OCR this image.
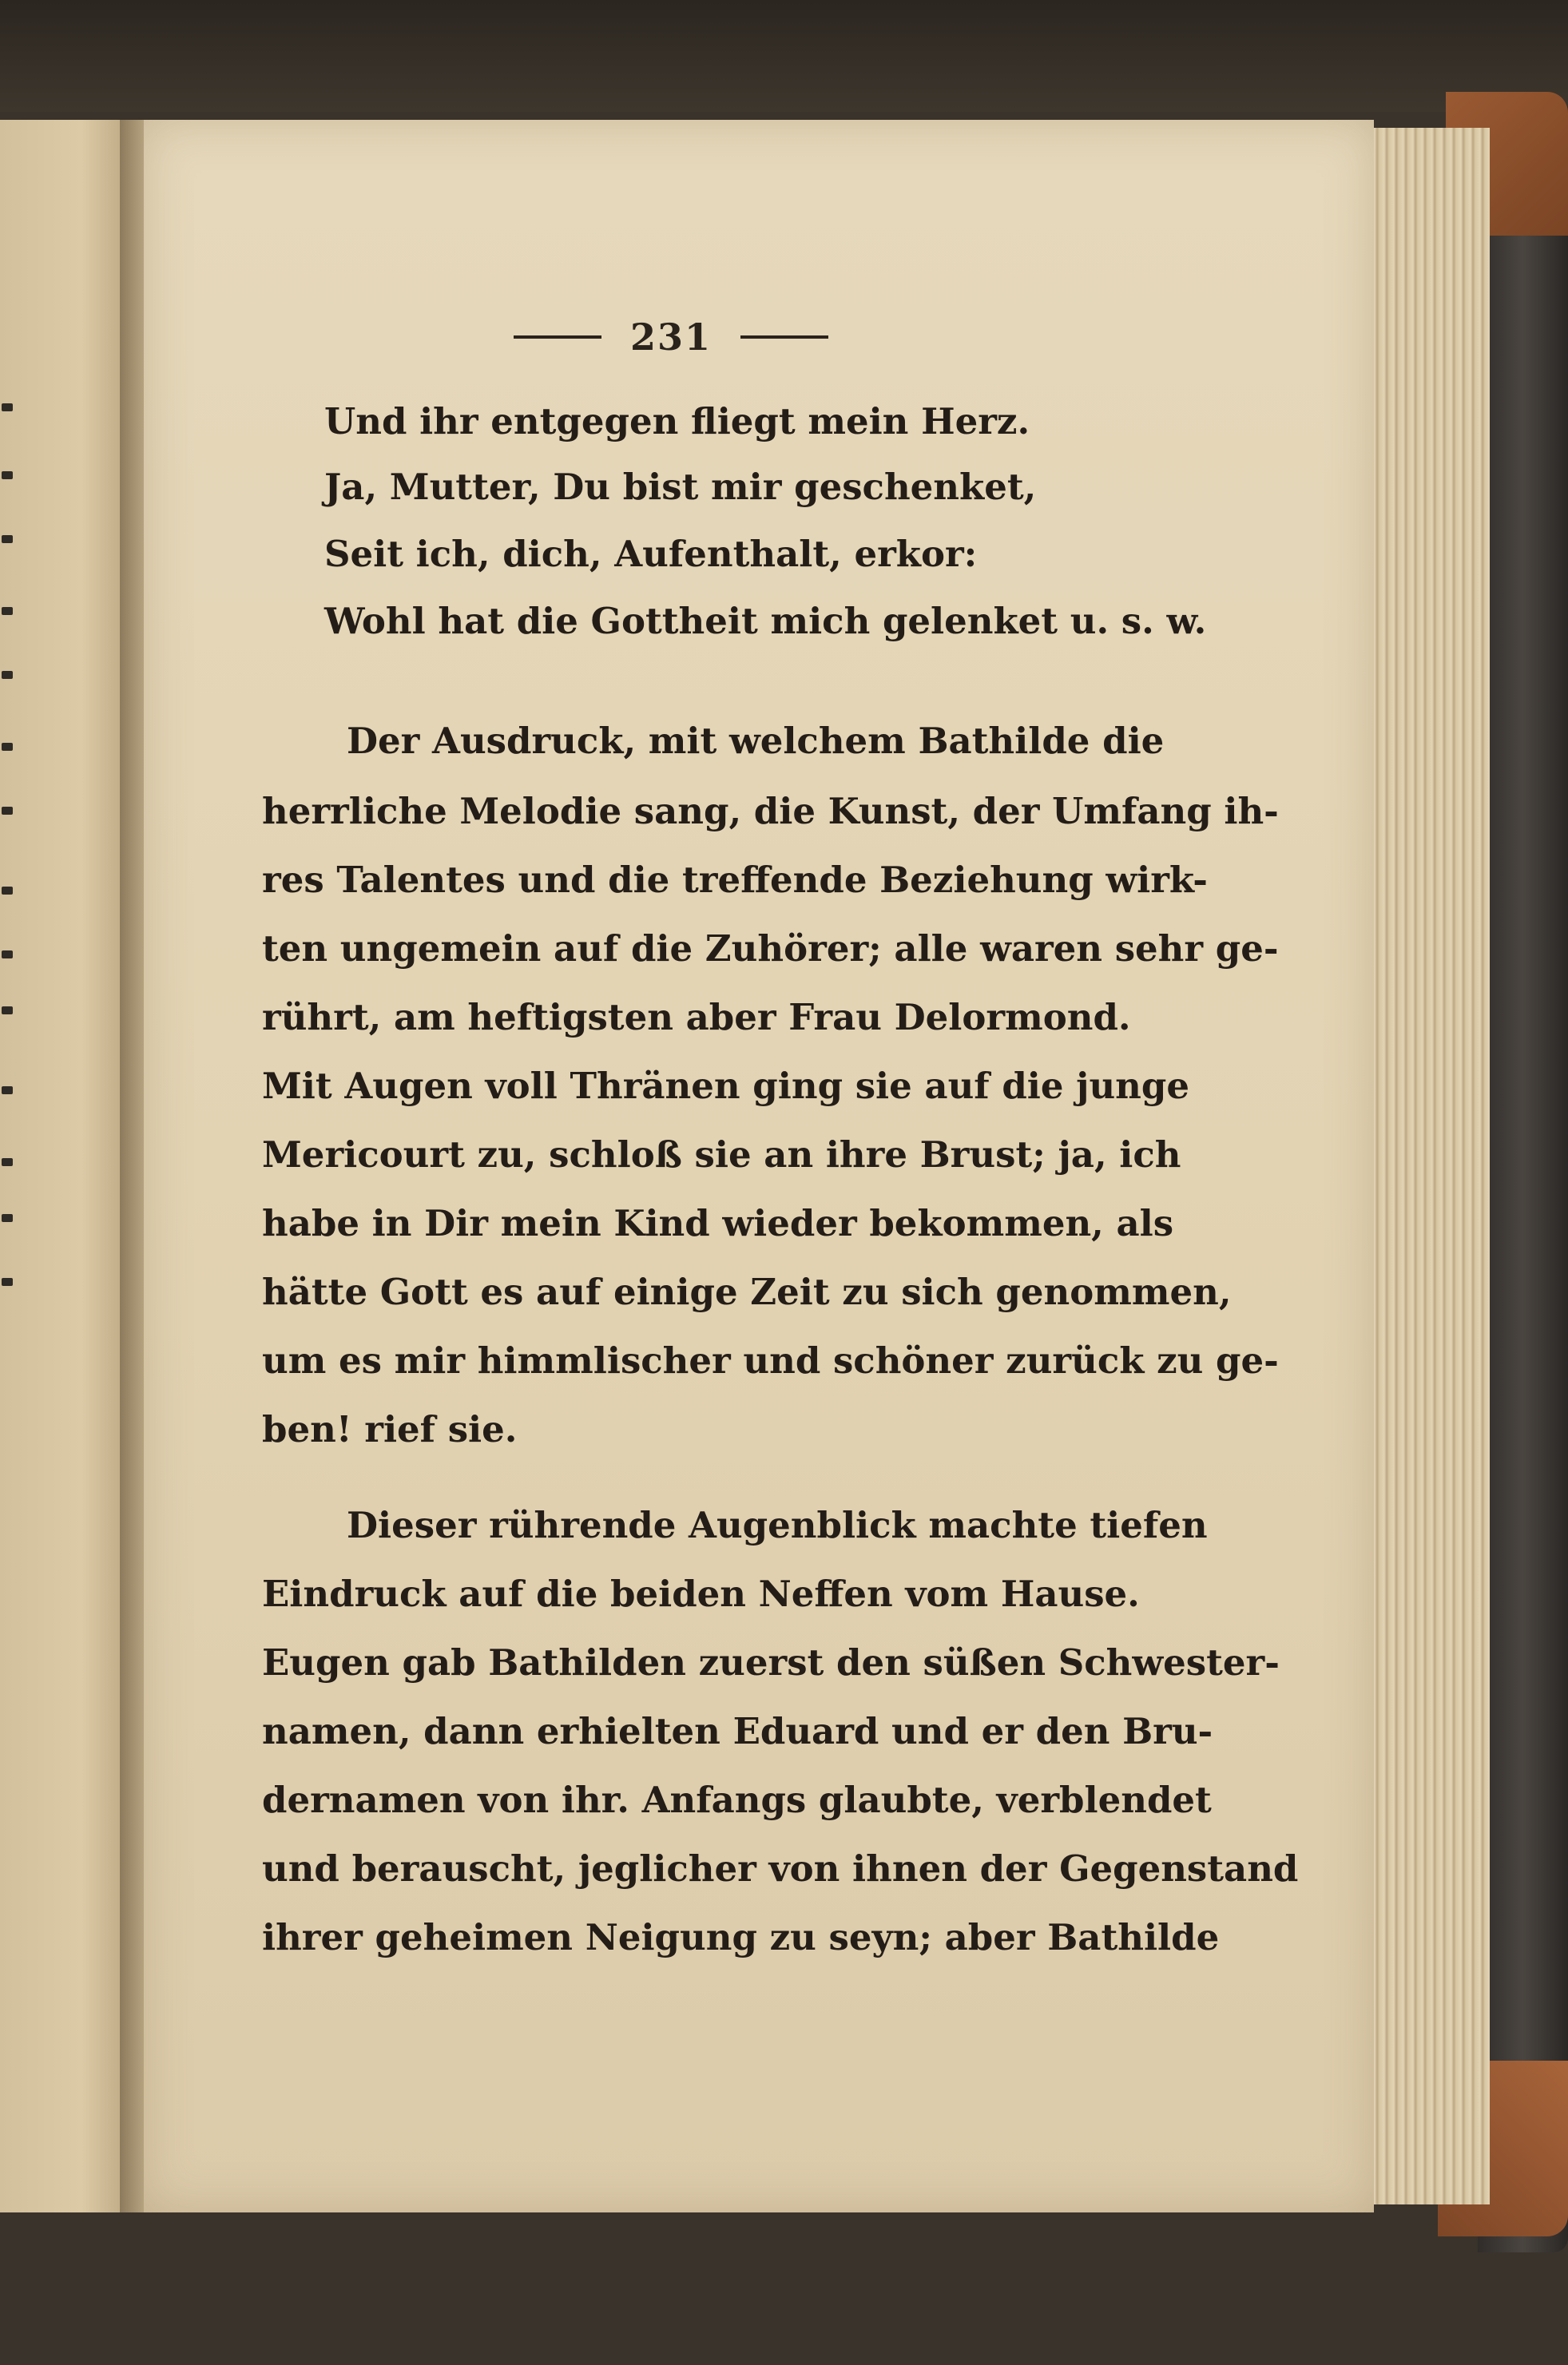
231
Und ihr entgegen fliegt mein Herz.
Ja, Mutter, Du bist mir geschenket,
Seit ich, dich, Aufenthalt, erkor:
Wohl hat die Gottheit mich gelenket u. s. w.
Der Ausdruck, mit welchem Bathilde die
herrliche Melodie sang, die Kunst, der Umfang ih-
res Talentes und die treffende Beziehung wirk-
ten ungemein auf die Zuhörer; alle waren sehr ge-
rührt, am heftigsten aber Frau Delormond.
Mit Augen voll Thränen ging sie auf die junge
Mericourt zu, schloß sie an ihre Brust; ja, ich
habe in Dir mein Kind wieder bekommen, als
hätte Gott es auf einige Zeit zu sich genommen,
um es mir himmlischer und schöner zurück zu ge-
ben! rief sie.
Dieser rührende Augenblick machte tiefen
Eindruck auf die beiden Neffen vom Hause.
Eugen gab Bathilden zuerst den süßen Schwester-
namen, dann erhielten Eduard und er den Bru-
dernamen von ihr. Anfangs glaubte, verblendet
und berauscht, jeglicher von ihnen der Gegenstand
ihrer geheimen Neigung zu seyn; aber Bathilde
